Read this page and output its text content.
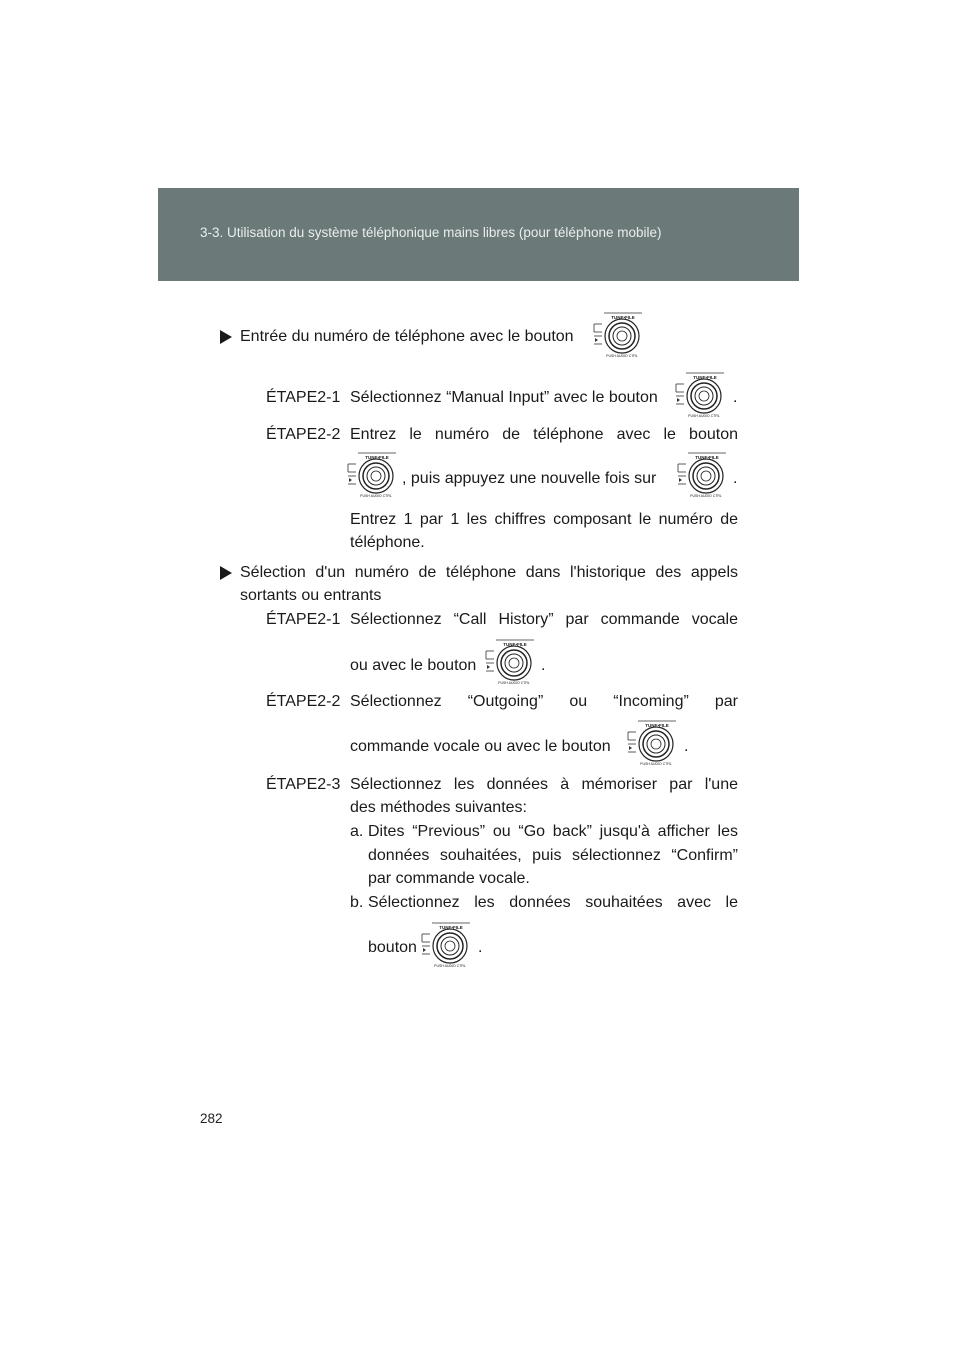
3-3. Utilisation du système téléphonique mains libres (pour téléphone mobile)
Entrée du numéro de téléphone avec le bouton
ÉTAPE2-1 Sélectionnez “Manual Input” avec le bouton	.
ÉTAPE2-2 Entrez le numéro de téléphone avec le bouton
, puis appuyez une nouvelle fois sur	.
Entrez 1 par 1 les chiffres composant le numéro de
téléphone.
Sélection d'un numéro de téléphone dans l'historique des appels
sortants ou entrants
ÉTAPE2-1 Sélectionnez “Call History” par commande vocale
ou avec le bouton	.
ÉTAPE2-2 Sélectionnez “Outgoing” ou “Incoming” par
commande vocale ou avec le bouton	.
ÉTAPE2-3 Sélectionnez les données à mémoriser par l'une
des méthodes suivantes:
a. Dites “Previous” ou “Go back” jusqu'à afficher les
données souhaitées, puis sélectionnez “Confirm”
par commande vocale.
b. Sélectionnez les données souhaitées avec le
bouton	.
282
